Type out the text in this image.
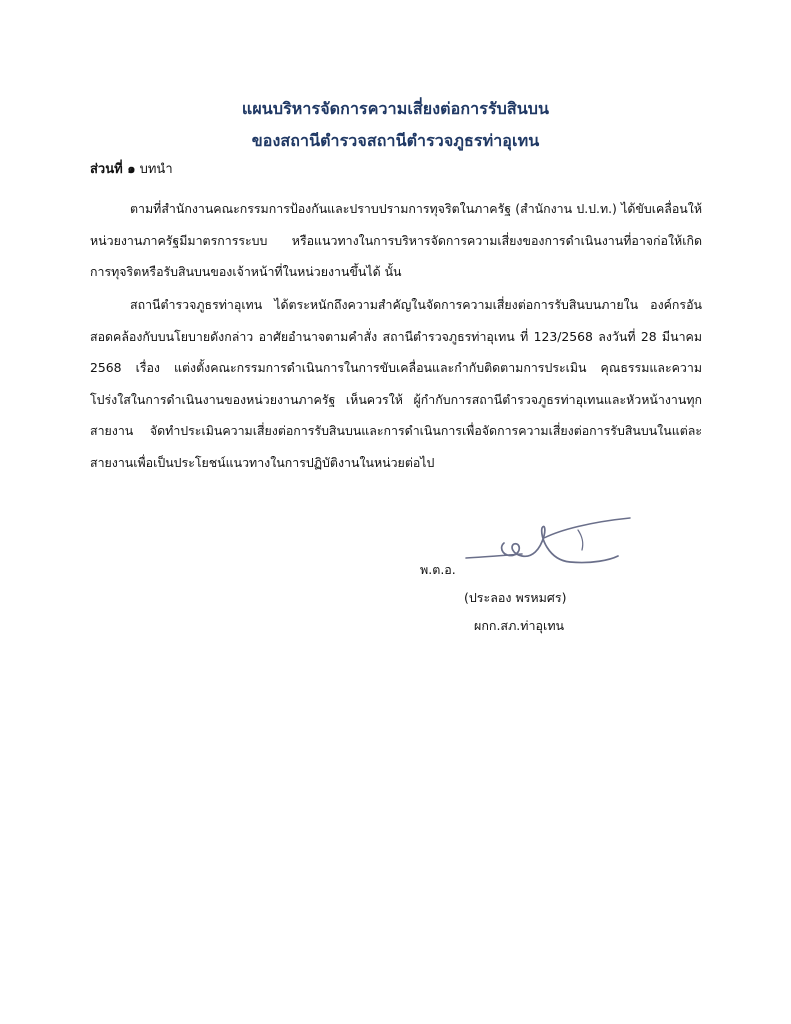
แผนบริหารจัดการความเสี่ยงต่อการรับสินบน
ของสถานีตำรวจสถานีตำรวจภูธรท่าอุเทน
ส่วนที่ ๑ บทนำ
ตามที่สำนักงานคณะกรรมการป้องกันและปราบปรามการทุจริตในภาครัฐ (สำนักงาน ป.ป.ท.) ได้ขับเคลื่อนให้หน่วยงานภาครัฐมีมาตรการระบบ หรือแนวทางในการบริหารจัดการความเสี่ยงของการดำเนินงานที่อาจก่อให้เกิดการทุจริตหรือรับสินบนของเจ้าหน้าที่ในหน่วยงานขึ้นได้ นั้น
สถานีตำรวจภูธรท่าอุเทน ได้ตระหนักถึงความสำคัญในจัดการความเสี่ยงต่อการรับสินบนภายใน องค์กรอันสอดคล้องกับบนโยบายดังกล่าว อาศัยอำนาจตามคำสั่ง สถานีตำรวจภูธรท่าอุเทน ที่ 123/2568 ลงวันที่ 28 มีนาคม 2568 เรื่อง แต่งตั้งคณะกรรมการดำเนินการในการขับเคลื่อนและกำกับติดตามการประเมิน คุณธรรมและความ โปร่งใสในการดำเนินงานของหน่วยงานภาครัฐ เห็นควรให้ ผู้กำกับการสถานีตำรวจภูธรท่าอุเทนและหัวหน้างานทุกสายงาน จัดทำประเมินความเสี่ยงต่อการรับสินบนและการดำเนินการเพื่อจัดการความเสี่ยงต่อการรับสินบนในแต่ละสายงานเพื่อเป็นประโยชน์แนวทางในการปฏิบัติงานในหน่วยต่อไป
พ.ต.อ.
(ประลอง พรหมศร)
ผกก.สภ.ท่าอุเทน
